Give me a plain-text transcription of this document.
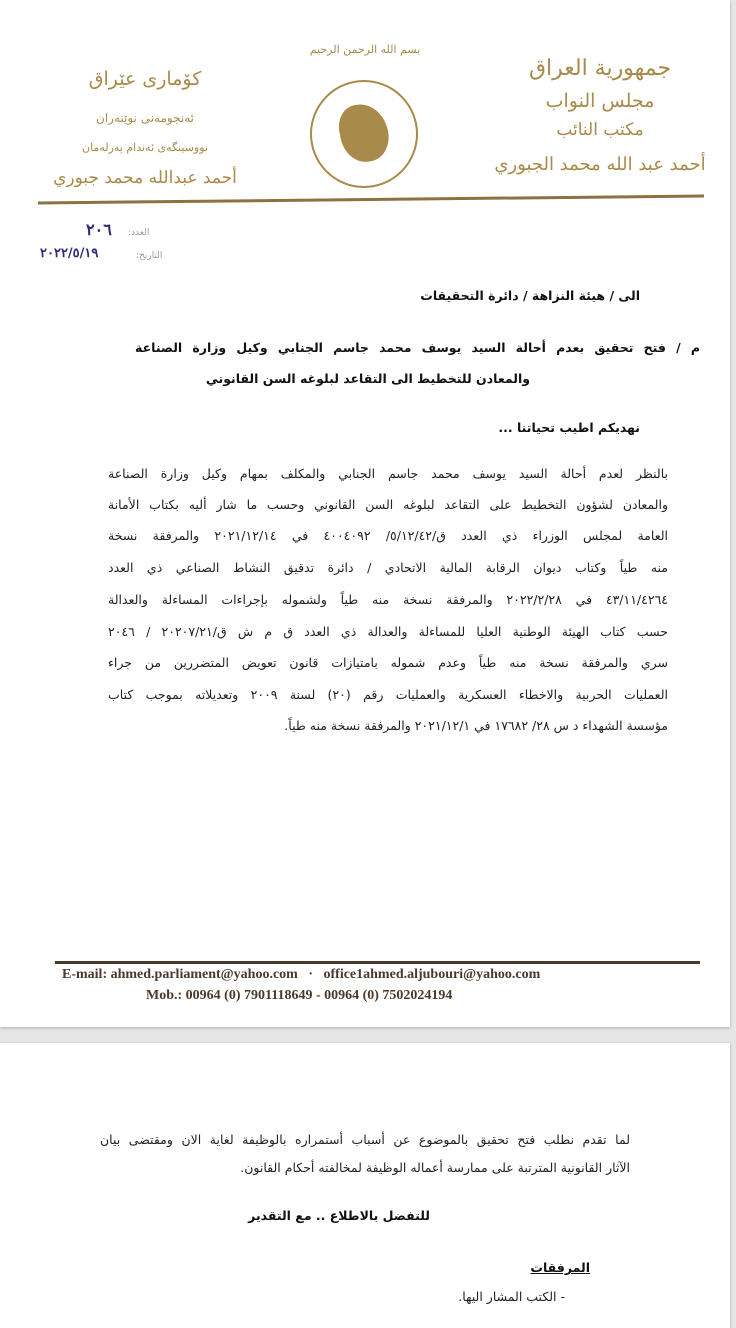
بسم الله الرحمن الرحيم
جمهورية العراق
مجلس النواب
مكتب النائب
أحمد عبد الله محمد الجبوري
كۆماری عێراق
ئەنجومەنی نوێنەران
نووسینگەی ئەندام پەرلەمان
أحمد عبدالله محمد جبوري
العدد:
٢٠٦
التاريخ:
٢٠٢٢/٥/١٩
الى / هيئة النزاهة / دائرة التحقيقات
م / فتح تحقيق بعدم أحالة السيد يوسف محمد جاسم الجنابي وكيل وزارة الصناعة
والمعادن للتخطيط الى التقاعد لبلوغه السن القانوني
نهديكم اطيب تحياتنا ...
بالنظر لعدم أحالة السيد يوسف محمد جاسم الجنابي والمكلف بمهام وكيل وزارة الصناعة
والمعادن لشؤون التخطيط على التقاعد لبلوغه السن القانوني وحسب ما شار أليه بكتاب الأمانة
العامة لمجلس الوزراء ذي العدد ق/٥/١٢/٤٢/ ٤٠٠٤٠٩٢ في ٢٠٢١/١٢/١٤ والمرفقة نسخة
منه طياً وكتاب ديوان الرقابة المالية الاتحادي / دائرة تدقيق النشاط الصناعي ذي العدد
٤٣/١١/٤٢٦٤ في ٢٠٢٢/٢/٢٨ والمرفقة نسخة منه طياً ولشموله بإجراءات المساءلة والعدالة
حسب كتاب الهيئة الوطنية العليا للمساءلة والعدالة ذي العدد ق م ش ق/٢٠٢٠٧/٢١ / ٢٠٤٦
سري والمرفقة نسخة منه طياً وعدم شموله بامتيازات قانون تعويض المتضررين من جراء
العمليات الحربية والاخطاء العسكرية والعمليات رقم (٢٠) لسنة ٢٠٠٩ وتعديلاته بموجب كتاب
مؤسسة الشهداء د س ٢٨/ ١٧٦٨٢ في ٢٠٢١/١٢/١ والمرفقة نسخة منه طياً.
E-mail: ahmed.parliament@yahoo.com   ·   office1ahmed.aljubouri@yahoo.com
Mob.: 00964 (0) 7901118649 - 00964 (0) 7502024194
لما تقدم نطلب فتح تحقيق بالموضوع عن أسباب أستمراره بالوظيفة لغاية الان ومقتضى بيان
الآثار القانونية المترتبة على ممارسة أعماله الوظيفة لمخالفته أحكام القانون.
للتفضل بالاطلاع .. مع التقدير
المرفقات
- الكتب المشار اليها.
